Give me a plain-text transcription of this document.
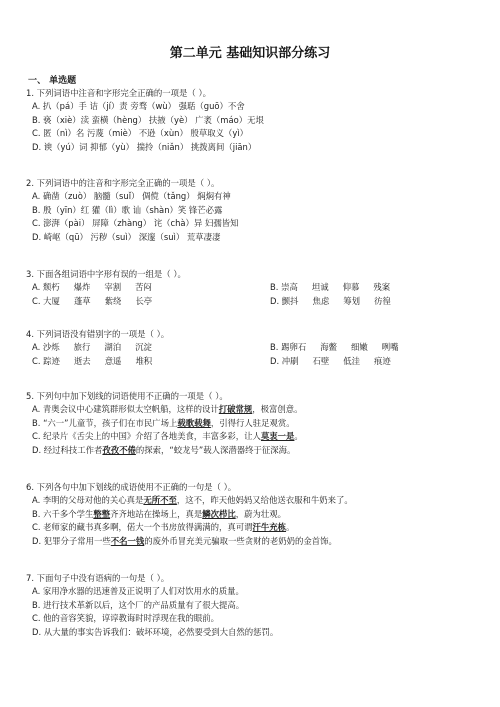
第二单元 基础知识部分练习
一、 单选题
1. 下列词语中注音和字形完全正确的一项是（ ）。
A. 扒（pá）手 诘（jí）责 旁骛（wù） 强聒（guō）不舍
B. 亵（xiè）渎 蛮横（hèng） 扶掖（yè） 广袤（máo）无垠
C. 匿（nì）名 污蔑（miè） 不逊（xùn） 殷草取义（yì）
D. 谀（yú）词 抑郁（yù） 揣拎（niǎn） 挑拨离间（jiān）
2. 下列词语中的注音和字形完全正确的一项是（ ）。
A. 确凿（zuò） 脑髓（suǐ） 倜傥（tǎng） 焖焖有神
B. 殷（yīn）红 獾（lì）歌 讪（shàn）笑 锋芒必露
C. 澎湃（pài） 屏障（zhàng） 诧（chà）异 妇孺皆知
D. 崎岖（qū） 污秽（suì） 深邃（suì） 荒草凄凄
3. 下面各组词语中字形有误的一组是（ ）。
A. 颓朽 爆炸 宰割 苦闷	B. 崇高 坦诚 仰慕 残案
C. 大厦 蓬草 紫绕 长亭	D. 颤抖 焦虑 筹划 彷徨
4. 下列词语没有错别字的一项是（ ）。
A. 沙烁 旅行 湖泊 沉淀	B. 踢卵石 海鳖 细嫩 咧嘴
C. 踪迹 逝去 意遥 堆积	D. 冲刷 石壁 低洼 痕迹
5. 下列句中加下划线的词语使用不正确的一项是（ ）。
A. 青奥会议中心建筑群形似太空帆船，这样的设计打破常规，极富创意。
B. “六一”儿童节，孩子们在市民广场上载歌载舞，引得行人驻足观赏。
C. 纪录片《舌尖上的中国》介绍了各地美食，丰富多彩，让人莫衷一是。
D. 经过科技工作者孜孜不倦的探索，“蛟龙号”载人深潜器终于征深海。
6. 下列各句中加下划线的成语使用不正确的一句是（ ）。
A. 李明的父母对他的关心真是无所不至，这不，昨天他妈妈又给他送衣服和牛奶来了。
B. 六千多个学生整整齐齐地站在操场上，真是鳞次栉比，蔚为壮观。
C. 老师家的藏书真多啊，偌大一个书房放得满满的，真可谓汗牛充栋。
D. 犯罪分子常用一些不名一钱的废外币冒充美元骗取一些贪财的老奶奶的金首饰。
7. 下面句子中没有语病的一句是（ ）。
A. 家用净水器的迅速普及正说明了人们对饮用水的质量。
B. 进行技术革新以后，这个厂的产品质量有了很大提高。
C. 他的音容笑貌，谆谆教诲时时浮现在我的眼前。
D. 从大量的事实告诉我们：破坏环境，必然要受到大自然的惩罚。
